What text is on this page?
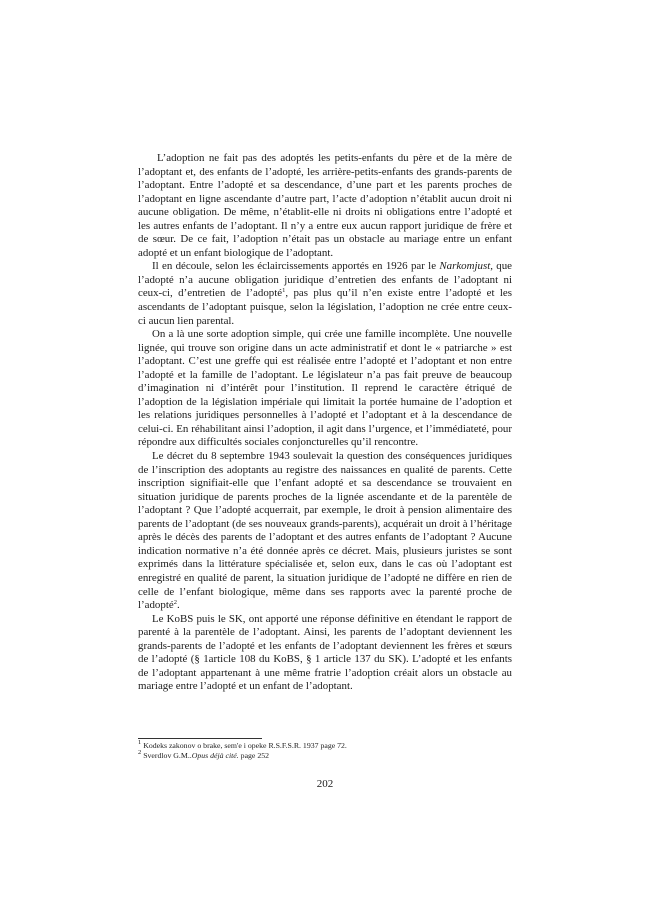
L’adoption ne fait pas des adoptés les petits-enfants du père et de la mère de l’adoptant et, des enfants de l’adopté, les arrière-petits-enfants des grands-parents de l’adoptant. Entre l’adopté et sa descendance, d’une part et les parents proches de l’adoptant en ligne ascendante d’autre part, l’acte d’adoption n’établit aucun droit ni aucune obligation. De même, n’établit-elle ni droits ni obligations entre l’adopté et les autres enfants de l’adoptant. Il n’y a entre eux aucun rapport juridique de frère et de sœur. De ce fait, l’adoption n’était pas un obstacle au mariage entre un enfant adopté et un enfant biologique de l’adoptant.

Il en découle, selon les éclaircissements apportés en 1926 par le Narkomjust, que l’adopté n’a aucune obligation juridique d’entretien des enfants de l’adoptant ni ceux-ci, d’entretien de l’adopté$^1$, pas plus qu’il n’en existe entre l’adopté et les ascendants de l’adoptant puisque, selon la législation, l’adoption ne crée entre ceux-ci aucun lien parental.

On a là une sorte adoption simple, qui crée une famille incomplète. Une nouvelle lignée, qui trouve son origine dans un acte administratif et dont le « patriarche » est l’adoptant. C’est une greffe qui est réalisée entre l’adopté et l’adoptant et non entre l’adopté et la famille de l’adoptant. Le législateur n’a pas fait preuve de beaucoup d’imagination ni d’intérêt pour l’institution. Il reprend le caractère étriqué de l’adoption de la législation impériale qui limitait la portée humaine de l’adoption et les relations juridiques personnelles à l’adopté et l’adoptant et à la descendance de celui-ci. En réhabilitant ainsi l’adoption, il agit dans l’urgence, et l’immédiateté, pour répondre aux difficultés sociales conjoncturelles qu’il rencontre.

Le décret du 8 septembre 1943 soulevait la question des conséquences juridiques de l’inscription des adoptants au registre des naissances en qualité de parents. Cette inscription signifiait-elle que l’enfant adopté et sa descendance se trouvaient en situation juridique de parents proches de la lignée ascendante et de la parentèle de l’adoptant ? Que l’adopté acquerrait, par exemple, le droit à pension alimentaire des parents de l’adoptant (de ses nouveaux grands-parents), acquérait un droit à l’héritage après le décès des parents de l’adoptant et des autres enfants de l’adoptant ? Aucune indication normative n’a été donnée après ce décret. Mais, plusieurs juristes se sont exprimés dans la littérature spécialisée et, selon eux, dans le cas où l’adoptant est enregistré en qualité de parent, la situation juridique de l’adopté ne diffère en rien de celle de l’enfant biologique, même dans ses rapports avec la parenté proche de l’adopté$^2$.

Le KoBS puis le SK, ont apporté une réponse définitive en étendant le rapport de parenté à la parentèle de l’adoptant. Ainsi, les parents de l’adoptant deviennent les grands-parents de l’adopté et les enfants de l’adoptant deviennent les frères et sœurs de l’adopté (§ 1article 108 du KoBS, § 1 article 137 du SK). L’adopté et les enfants de l’adoptant appartenant à une même fratrie l’adoption créait alors un obstacle au mariage entre l’adopté et un enfant de l’adoptant.

$^1$ Kodeks zakonov o brake, sem'e i opeke R.S.F.S.R. 1937 page 72.
$^2$ Sverdlov G.M..Opus déjà cité. page 252
202
